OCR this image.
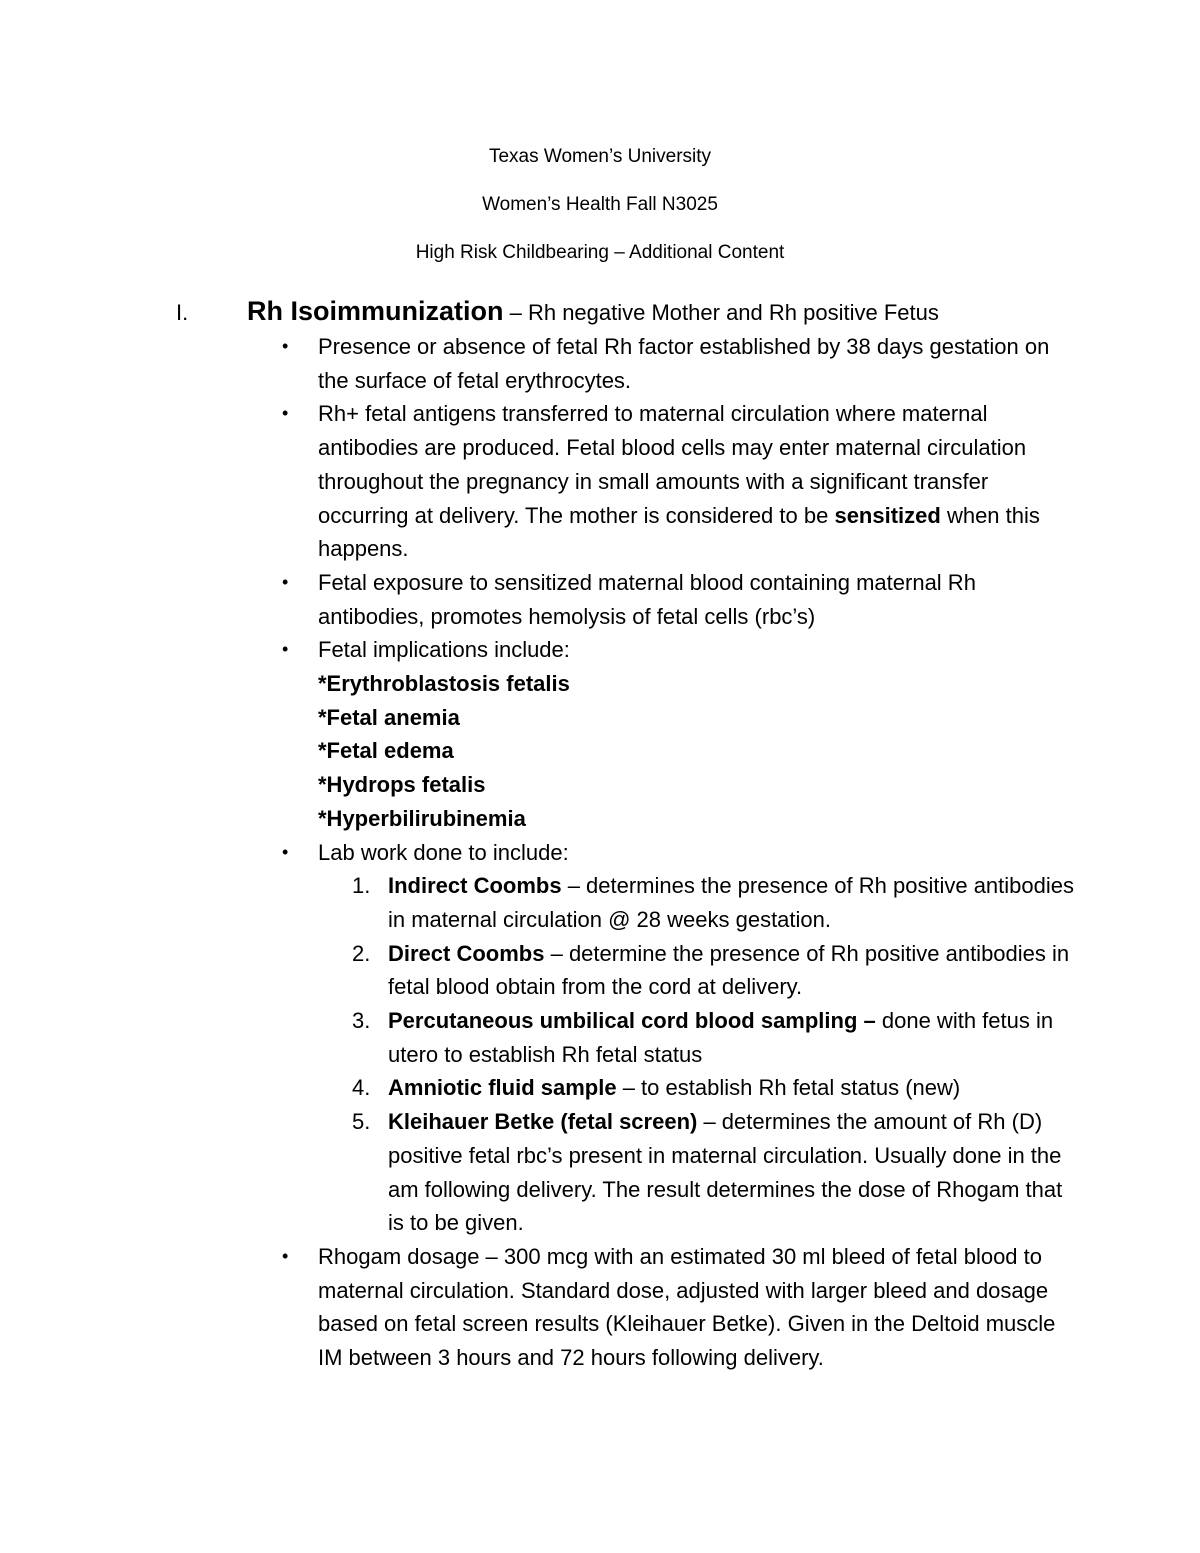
Texas Women’s University
Women’s Health Fall N3025
High Risk Childbearing – Additional Content
I. Rh Isoimmunization – Rh negative Mother and Rh positive Fetus
• Presence or absence of fetal Rh factor established by 38 days gestation on the surface of fetal erythrocytes.
• Rh+ fetal antigens transferred to maternal circulation where maternal antibodies are produced. Fetal blood cells may enter maternal circulation throughout the pregnancy in small amounts with a significant transfer occurring at delivery. The mother is considered to be sensitized when this happens.
• Fetal exposure to sensitized maternal blood containing maternal Rh antibodies, promotes hemolysis of fetal cells (rbc’s)
• Fetal implications include:
*Erythroblastosis fetalis
*Fetal anemia
*Fetal edema
*Hydrops fetalis
*Hyperbilirubinemia
• Lab work done to include:
1. Indirect Coombs – determines the presence of Rh positive antibodies in maternal circulation @ 28 weeks gestation.
2. Direct Coombs – determine the presence of Rh positive antibodies in fetal blood obtain from the cord at delivery.
3. Percutaneous umbilical cord blood sampling – done with fetus in utero to establish Rh fetal status
4. Amniotic fluid sample – to establish Rh fetal status (new)
5. Kleihauer Betke (fetal screen) – determines the amount of Rh (D) positive fetal rbc’s present in maternal circulation. Usually done in the am following delivery. The result determines the dose of Rhogam that is to be given.
• Rhogam dosage – 300 mcg with an estimated 30 ml bleed of fetal blood to maternal circulation. Standard dose, adjusted with larger bleed and dosage based on fetal screen results (Kleihauer Betke). Given in the Deltoid muscle IM between 3 hours and 72 hours following delivery.
